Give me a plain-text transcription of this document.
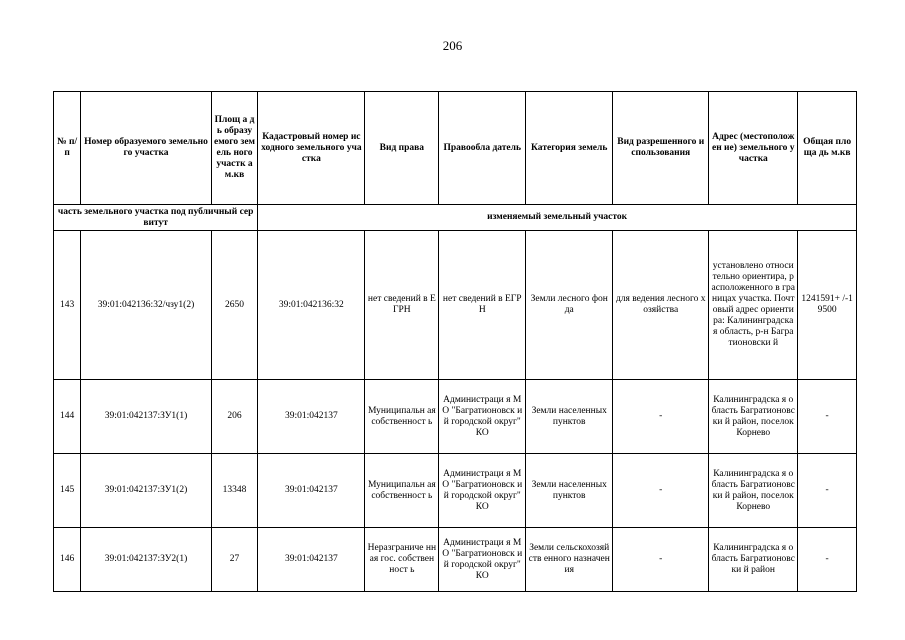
206
№ п/п	Номер образуемого земельного участка	Площ а дь образу емого земель ного участк а м.кв	Кадастровый номер исходного земельного участка	Вид права	Правообла датель	Категория земель	Вид разрешенного использования	Адрес (местоположен ие) земельного участка	Общая площа дь м.кв
часть земельного участка под публичный сервитут			изменяемый земельный участок						
143	39:01:042136:32/чзу1(2)	2650	39:01:042136:32	нет сведений в ЕГРН	нет сведений в ЕГРН	Земли лесного фонда	для ведения лесного хозяйства	установлено относительно ориентира, расположенного в границах участка. Почтовый адрес ориентира: Калининградска я область, р-н Багратионовски й	1241591+ /-19500
144	39:01:042137:ЗУ1(1)	206	39:01:042137	Муниципальн ая собственност ь	Администраци я МО "Багратионовск ий городской округ" КО	Земли населенных пунктов	-	Калининградска я область Багратионовски й район, поселок Корнево	-
145	39:01:042137:ЗУ1(2)	13348	39:01:042137	Муниципальн ая собственност ь	Администраци я МО "Багратионовск ий городской округ" КО	Земли населенных пунктов	-	Калининградска я область Багратионовски й район, поселок Корнево	-
146	39:01:042137:ЗУ2(1)	27	39:01:042137	Неразграниче нная гос. собственност ь	Администраци я МО "Багратионовск ий городской округ" КО	Земли сельскохозяйств енного назначения	-	Калининградска я область Багратионовски й район	-
